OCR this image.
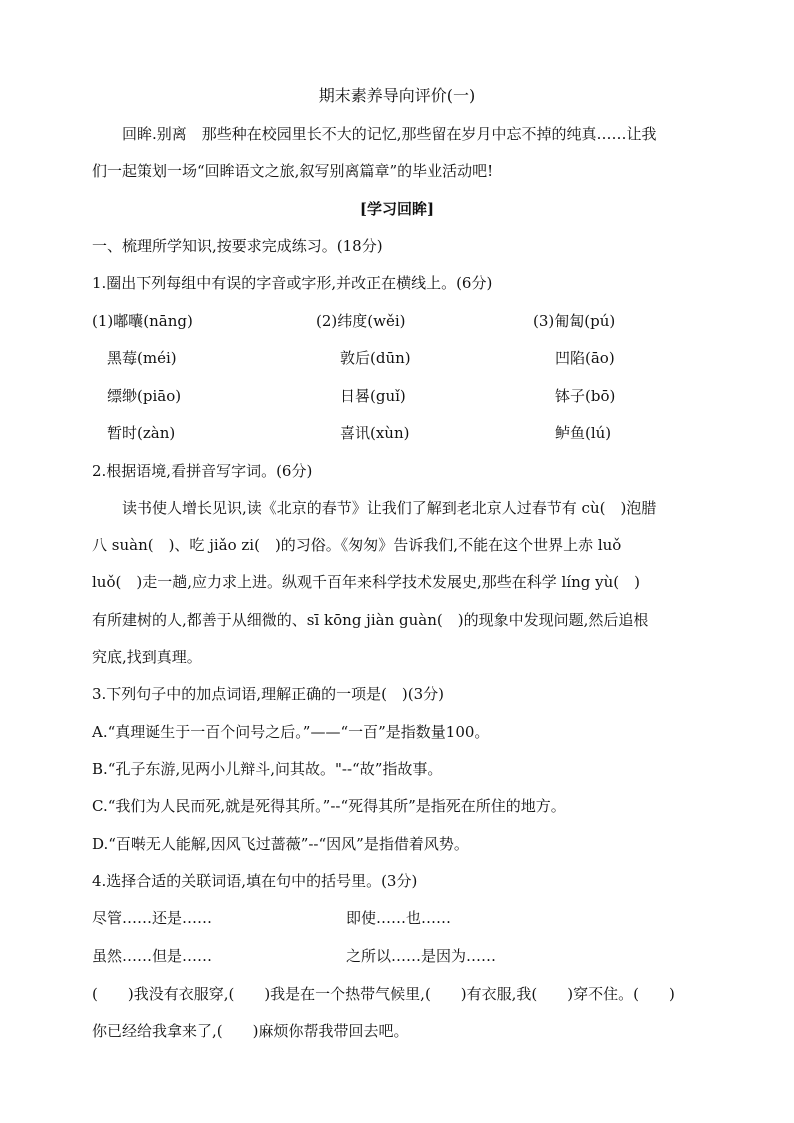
期末素养导向评价(一)
回眸.别离　那些种在校园里长不大的记忆,那些留在岁月中忘不掉的纯真……让我
们一起策划一场“回眸语文之旅,叙写别离篇章”的毕业活动吧!
[学习回眸]
一、梳理所学知识,按要求完成练习。(18分)
1.圈出下列每组中有误的字音或字形,并改正在横线上。(6分)
(1)嘟囔(nāng)	(2)纬度(wěi)	(3)匍匐(pú)
黑莓(méi)	敦后(dūn)	凹陷(āo)
缥缈(piāo)	日晷(guǐ)	钵子(bō)
暂时(zàn)	喜讯(xùn)	鲈鱼(lú)
2.根据语境,看拼音写字词。(6分)
读书使人增长见识,读《北京的春节》让我们了解到老北京人过春节有 cù(　)泡腊
八 suàn(　)、吃 jiǎo zi(　)的习俗。《匆匆》告诉我们,不能在这个世界上赤 luǒ
luǒ(　)走一趟,应力求上进。纵观千百年来科学技术发展史,那些在科学 líng yù(　)
有所建树的人,都善于从细微的、sī kōng jiàn guàn(　)的现象中发现问题,然后追根
究底,找到真理。
3.下列句子中的加点词语,理解正确的一项是(　)(3分)
A.“真理诞生于一百个问号之后。”——“一百”是指数量100。
B.“孔子东游,见两小儿辩斗,问其故。"--“故”指故事。
C.“我们为人民而死,就是死得其所。”--“死得其所”是指死在所住的地方。
D.“百啭无人能解,因风飞过蔷薇”--“因风”是指借着风势。
4.选择合适的关联词语,填在句中的括号里。(3分)
尽管……还是……	即使……也……
虽然……但是……	之所以……是因为……
(　　)我没有衣服穿,(　　)我是在一个热带气候里,(　　)有衣服,我(　　)穿不住。(　　)
你已经给我拿来了,(　　)麻烦你帮我带回去吧。
